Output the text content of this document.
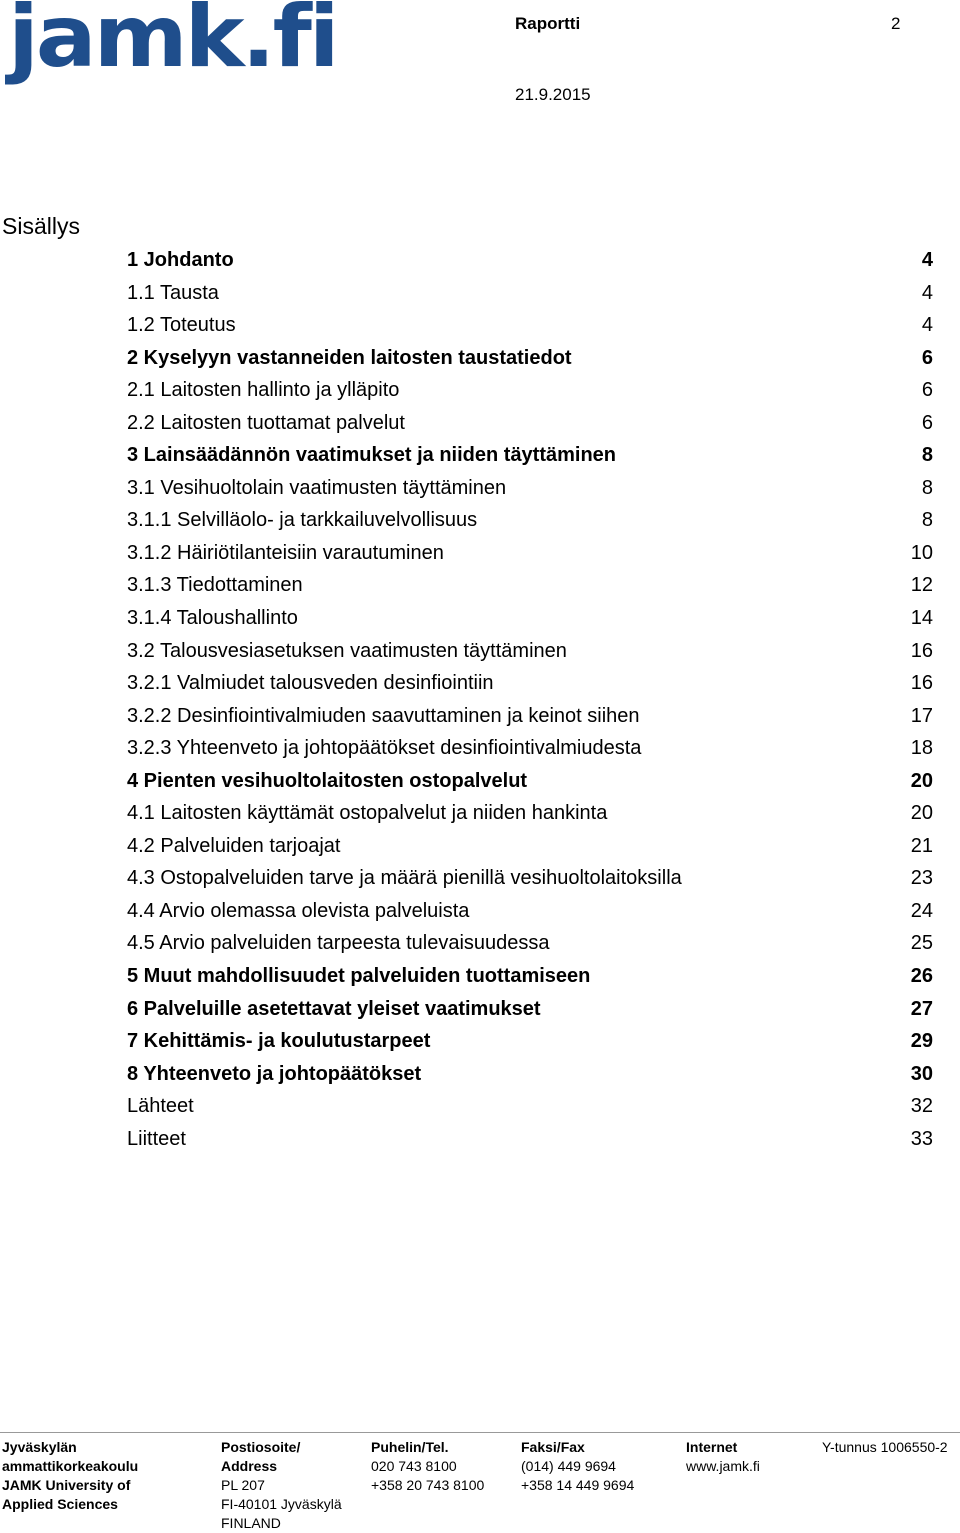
jamk.fi	Raportti	2
21.9.2015
Sisällys
1 Johdanto	4
1.1 Tausta	4
1.2 Toteutus	4
2 Kyselyyn vastanneiden laitosten taustatiedot	6
2.1 Laitosten hallinto ja ylläpito	6
2.2 Laitosten tuottamat palvelut	6
3 Lainsäädännön vaatimukset ja niiden täyttäminen	8
3.1 Vesihuoltolain vaatimusten täyttäminen	8
3.1.1 Selvilläolo- ja tarkkailuvelvollisuus	8
3.1.2 Häiriötilanteisiin varautuminen	10
3.1.3 Tiedottaminen	12
3.1.4 Taloushallinto	14
3.2 Talousvesiasetuksen vaatimusten täyttäminen	16
3.2.1 Valmiudet talousveden desinfiointiin	16
3.2.2 Desinfiointivalmiuden saavuttaminen ja keinot siihen	17
3.2.3 Yhteenveto ja johtopäätökset desinfiointivalmiudesta	18
4 Pienten vesihuoltolaitosten ostopalvelut	20
4.1 Laitosten käyttämät ostopalvelut ja niiden hankinta	20
4.2 Palveluiden tarjoajat	21
4.3 Ostopalveluiden tarve ja määrä pienillä vesihuoltolaitoksilla	23
4.4 Arvio olemassa olevista palveluista	24
4.5 Arvio palveluiden tarpeesta tulevaisuudessa	25
5 Muut mahdollisuudet palveluiden tuottamiseen	26
6 Palveluille asetettavat yleiset vaatimukset	27
7 Kehittämis- ja koulutustarpeet	29
8 Yhteenveto ja johtopäätökset	30
Lähteet	32
Liitteet	33
Jyväskylän
ammattikorkeakoulu
JAMK University of
Applied Sciences
Postiosoite/
Address
PL 207
FI-40101 Jyväskylä
FINLAND
Puhelin/Tel.
020 743 8100
+358 20 743 8100
Faksi/Fax
(014) 449 9694
+358 14 449 9694
Internet
www.jamk.fi
Y-tunnus 1006550-2
